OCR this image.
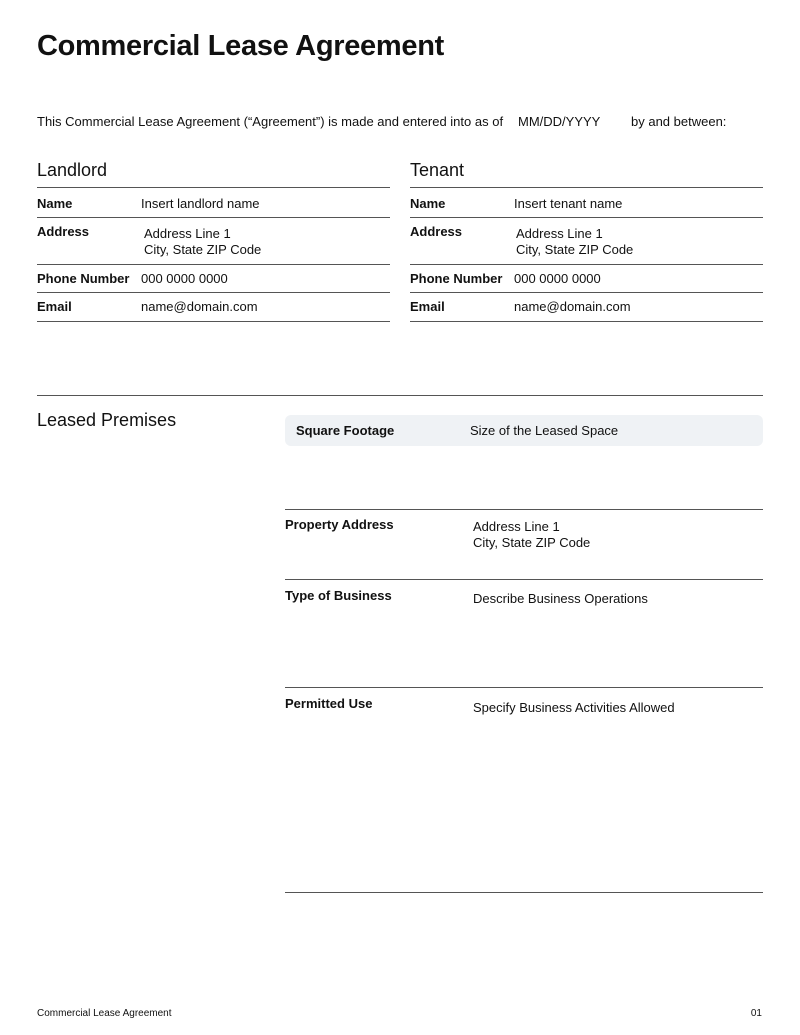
Commercial Lease Agreement
This Commercial Lease Agreement (“Agreement”) is made and entered into as of MM/DD/YYYY by and between:
Landlord
Name	Insert landlord name
Address	Address Line 1
City, State ZIP Code
Phone Number 000 0000 0000
Email	name@domain.com
Tenant
Name	Insert tenant name
Address	Address Line 1
City, State ZIP Code
Phone Number 000 0000 0000
Email	name@domain.com
Leased Premises
Square Footage	Size of the Leased Space
Property Address	Address Line 1
City, State ZIP Code
Type of Business	Describe Business Operations
Permitted Use	Specify Business Activities Allowed
Commercial Lease Agreement	01
